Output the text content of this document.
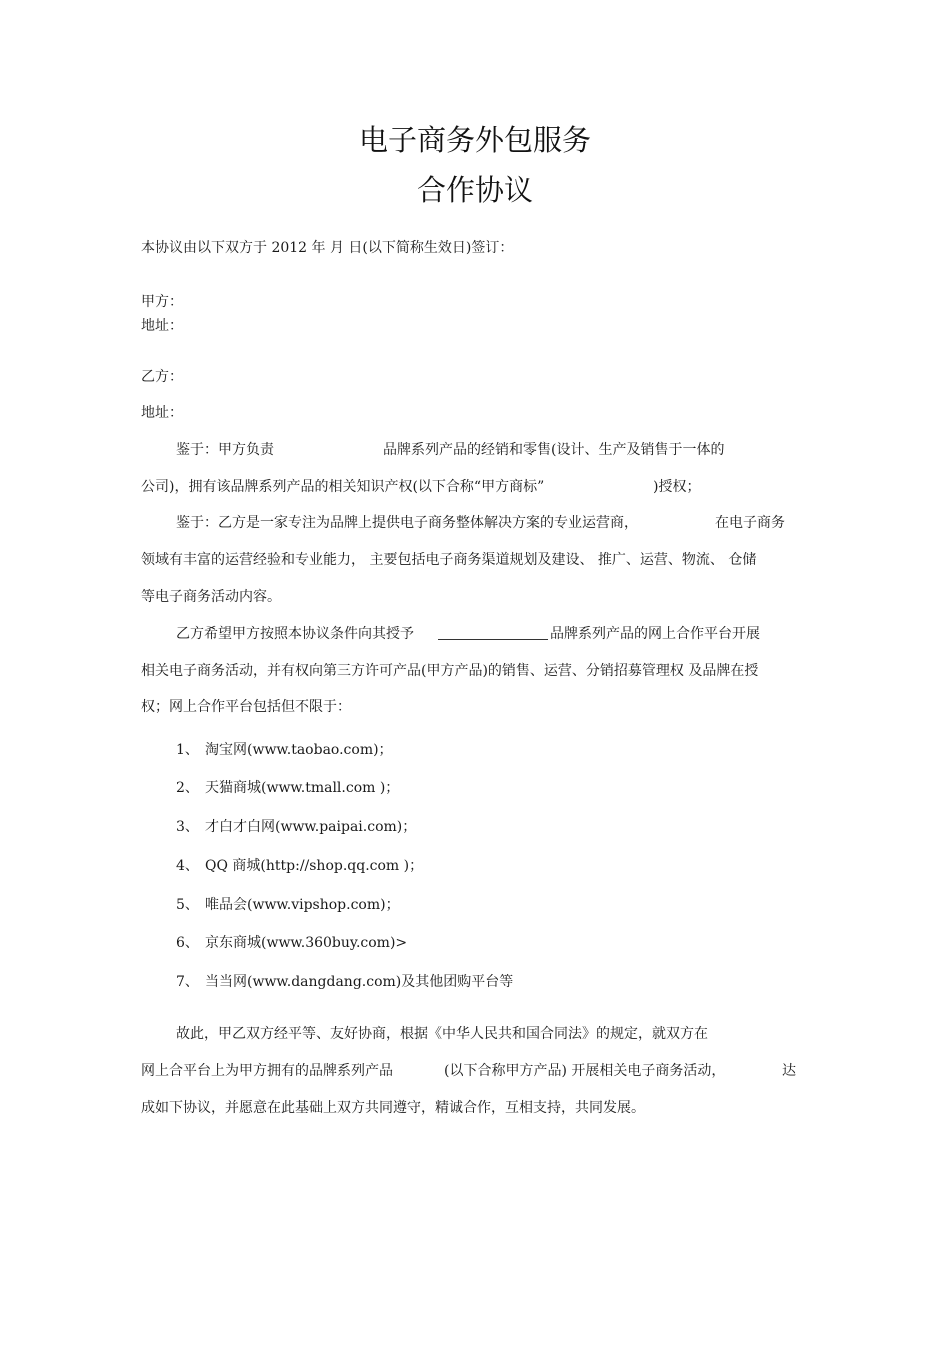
电子商务外包服务
合作协议
本协议由以下双方于 2012 年 月 日(以下简称生效日)签订：
甲方：
地址：
乙方：
地址：
鉴于：甲方负责	品牌系列产品的经销和零售(设计、生产及销售于一体的
公司)，拥有该品牌系列产品的相关知识产权(以下合称“甲方商标”	)授权；
鉴于：乙方是一家专注为品牌上提供电子商务整体解决方案的专业运营商，	在电子商务
领域有丰富的运营经验和专业能力， 主要包括电子商务渠道规划及建设、 推广、运营、物流、 仓储
等电子商务活动内容。
乙方希望甲方按照本协议条件向其授予	品牌系列产品的网上合作平台开展
相关电子商务活动，并有权向第三方许可产品(甲方产品)的销售、运营、分销招募管理权 及品牌在授
权；网上合作平台包括但不限于：
1、 淘宝网(www.taobao.com)；
2、 天猫商城(www.tmall.com )；
3、 才白才白网(www.paipai.com)；
4、 QQ 商城(http://shop.qq.com )；
5、 唯品会(www.vipshop.com)；
6、 京东商城(www.360buy.com)>
7、 当当网(www.dangdang.com)及其他团购平台等
故此，甲乙双方经平等、友好协商，根据《中华人民共和国合同法》的规定，就双方在
网上合平台上为甲方拥有的品牌系列产品	(以下合称甲方产品) 开展相关电子商务活动，	达
成如下协议，并愿意在此基础上双方共同遵守，精诚合作，互相支持，共同发展。
